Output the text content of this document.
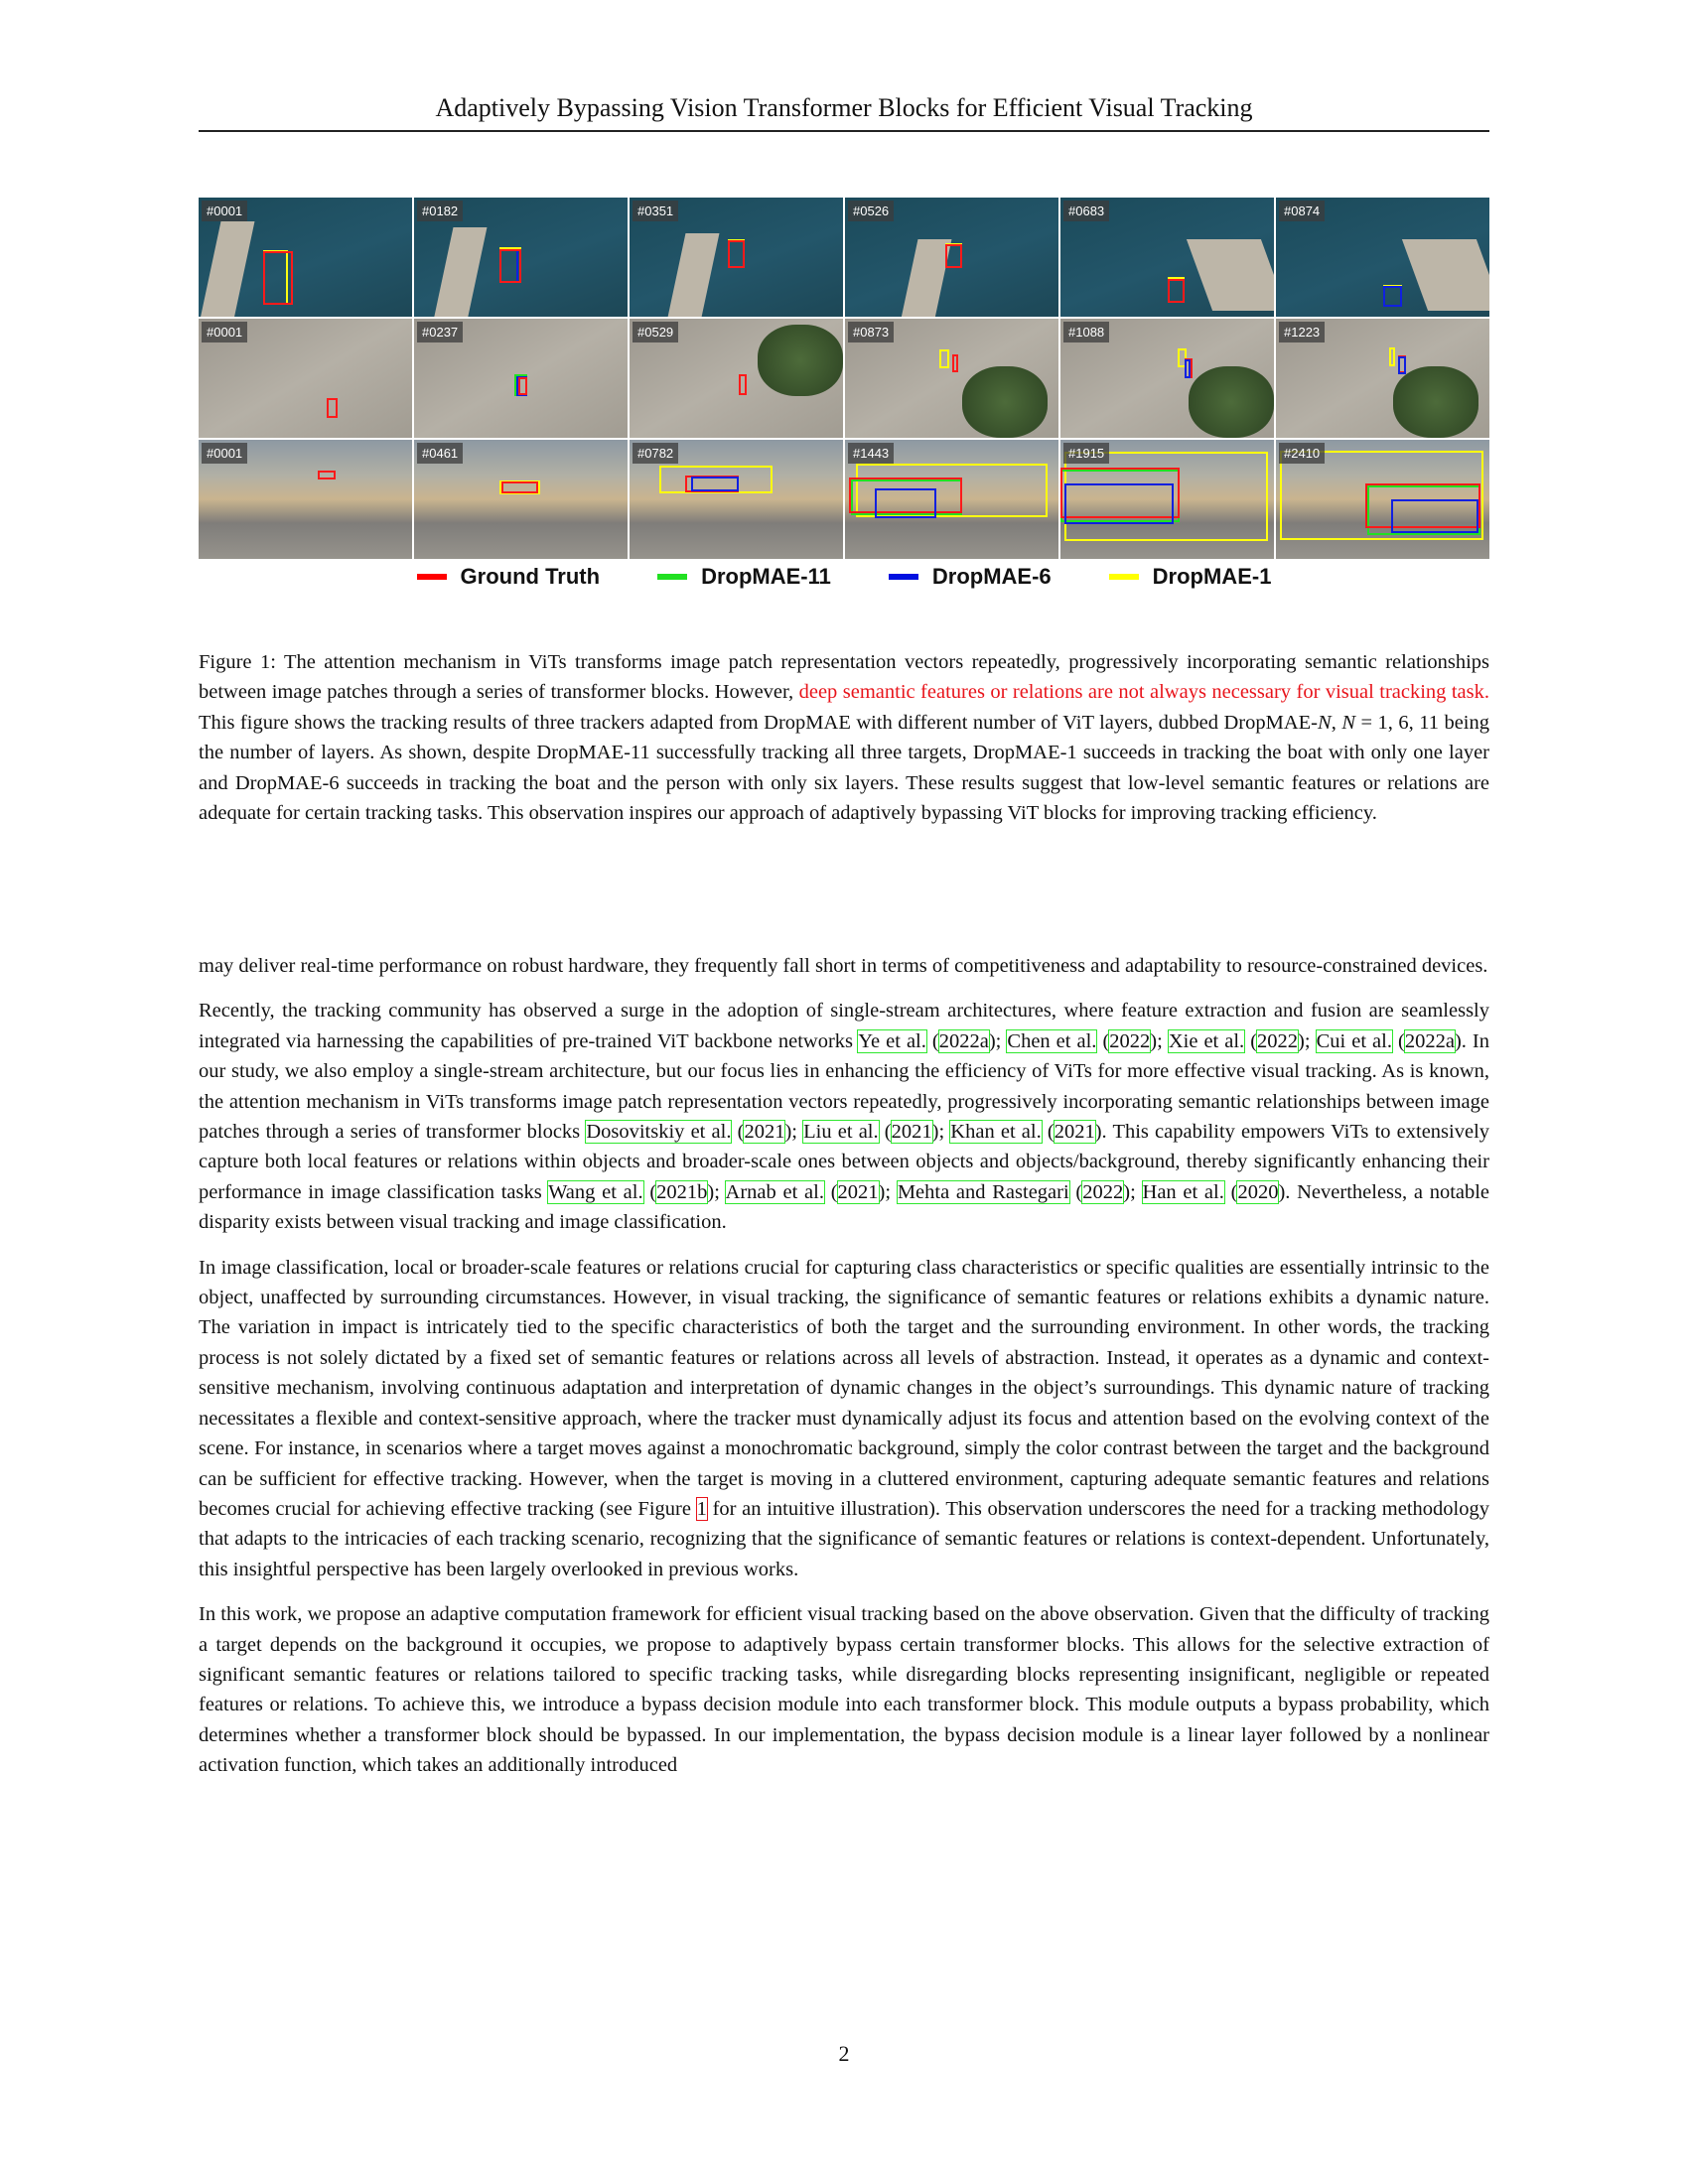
Adaptively Bypassing Vision Transformer Blocks for Efficient Visual Tracking
#0001	#0182	#0351	#0526	#0683	#0874
#0001	#0237	#0529	#0873	#1088	#1223
#0001	#0461	#0782	#1443	#1915	#2410
Ground Truth	DropMAE-11	DropMAE-6	DropMAE-1
Figure 1: The attention mechanism in ViTs transforms image patch representation vectors repeatedly, progressively incorporating semantic relationships between image patches through a series of transformer blocks. However, deep semantic features or relations are not always necessary for visual tracking task. This figure shows the tracking results of three trackers adapted from DropMAE with different number of ViT layers, dubbed DropMAE-N, N = 1, 6, 11 being the number of layers. As shown, despite DropMAE-11 successfully tracking all three targets, DropMAE-1 succeeds in tracking the boat with only one layer and DropMAE-6 succeeds in tracking the boat and the person with only six layers. These results suggest that low-level semantic features or relations are adequate for certain tracking tasks. This observation inspires our approach of adaptively bypassing ViT blocks for improving tracking efficiency.

may deliver real-time performance on robust hardware, they frequently fall short in terms of competitiveness and adaptability to resource-constrained devices.

Recently, the tracking community has observed a surge in the adoption of single-stream architectures, where feature extraction and fusion are seamlessly integrated via harnessing the capabilities of pre-trained ViT backbone networks Ye et al. (2022a); Chen et al. (2022); Xie et al. (2022); Cui et al. (2022a). In our study, we also employ a single-stream architecture, but our focus lies in enhancing the efficiency of ViTs for more effective visual tracking. As is known, the attention mechanism in ViTs transforms image patch representation vectors repeatedly, progressively incorporating semantic relationships between image patches through a series of transformer blocks Dosovitskiy et al. (2021); Liu et al. (2021); Khan et al. (2021). This capability empowers ViTs to extensively capture both local features or relations within objects and broader-scale ones between objects and objects/background, thereby significantly enhancing their performance in image classification tasks Wang et al. (2021b); Arnab et al. (2021); Mehta and Rastegari (2022); Han et al. (2020). Nevertheless, a notable disparity exists between visual tracking and image classification.

In image classification, local or broader-scale features or relations crucial for capturing class characteristics or specific qualities are essentially intrinsic to the object, unaffected by surrounding circumstances. However, in visual tracking, the significance of semantic features or relations exhibits a dynamic nature. The variation in impact is intricately tied to the specific characteristics of both the target and the surrounding environment. In other words, the tracking process is not solely dictated by a fixed set of semantic features or relations across all levels of abstraction. Instead, it operates as a dynamic and context-sensitive mechanism, involving continuous adaptation and interpretation of dynamic changes in the object’s surroundings. This dynamic nature of tracking necessitates a flexible and context-sensitive approach, where the tracker must dynamically adjust its focus and attention based on the evolving context of the scene. For instance, in scenarios where a target moves against a monochromatic background, simply the color contrast between the target and the background can be sufficient for effective tracking. However, when the target is moving in a cluttered environment, capturing adequate semantic features and relations becomes crucial for achieving effective tracking (see Figure 1 for an intuitive illustration). This observation underscores the need for a tracking methodology that adapts to the intricacies of each tracking scenario, recognizing that the significance of semantic features or relations is context-dependent. Unfortunately, this insightful perspective has been largely overlooked in previous works.

In this work, we propose an adaptive computation framework for efficient visual tracking based on the above observation. Given that the difficulty of tracking a target depends on the background it occupies, we propose to adaptively bypass certain transformer blocks. This allows for the selective extraction of significant semantic features or relations tailored to specific tracking tasks, while disregarding blocks representing insignificant, negligible or repeated features or relations. To achieve this, we introduce a bypass decision module into each transformer block. This module outputs a bypass probability, which determines whether a transformer block should be bypassed. In our implementation, the bypass decision module is a linear layer followed by a nonlinear activation function, which takes an additionally introduced

2
